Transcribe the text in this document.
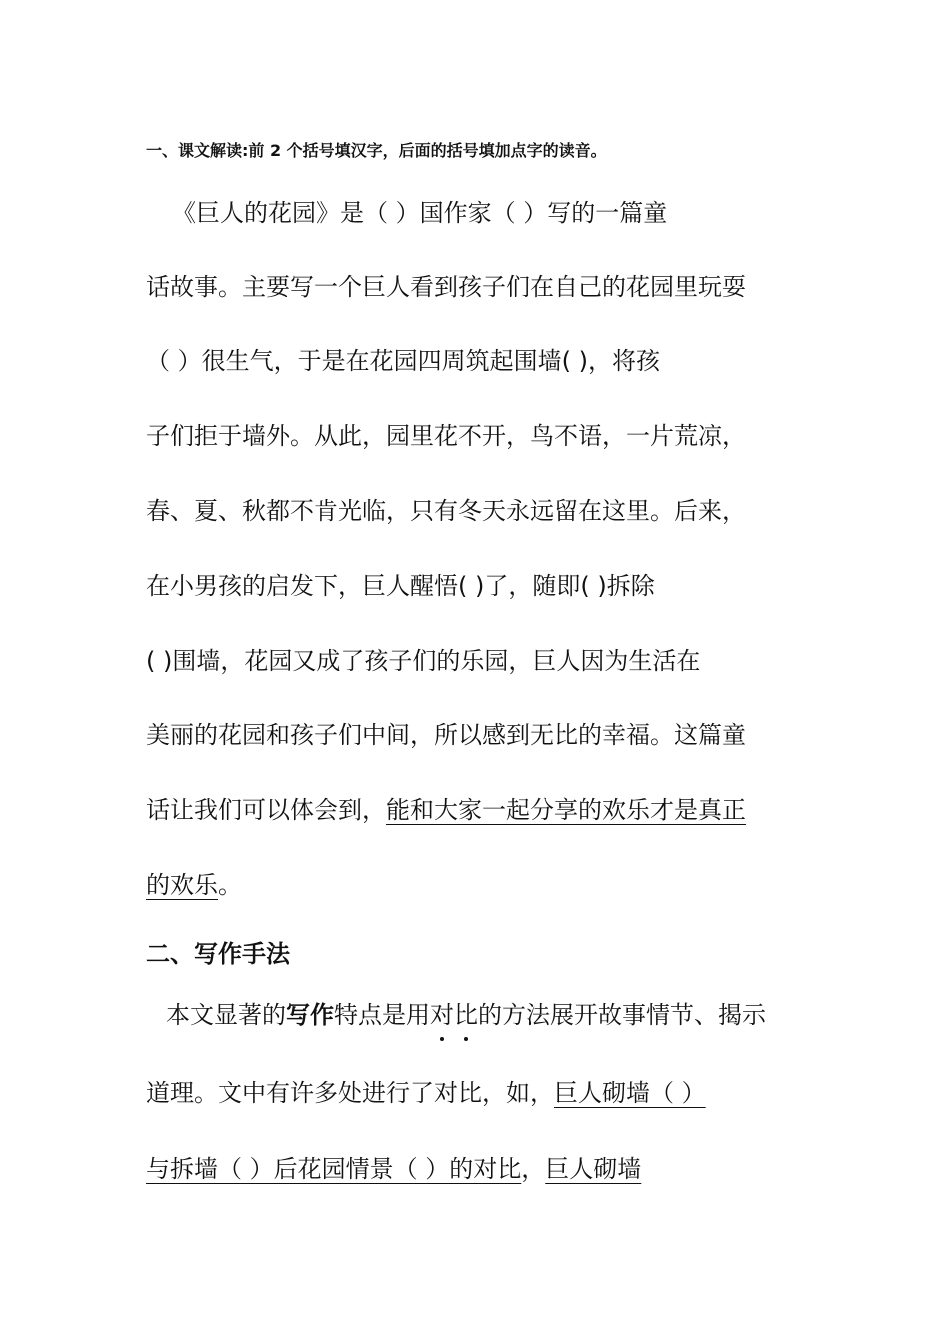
一、课文解读:前 2 个括号填汉字，后面的括号填加点字的读音。
《巨人的花园》是（ ）国作家（ ）写的一篇童
话故事。主要写一个巨人看到孩子们在自己的花园里玩耍
（ ）很生气，于是在花园四周筑起围墙( )，将孩
子们拒于墙外。从此，园里花不开，鸟不语，一片荒凉，
春、夏、秋都不肯光临，只有冬天永远留在这里。后来，
在小男孩的启发下，巨人醒悟( )了，随即( )拆除
( )围墙，花园又成了孩子们的乐园，巨人因为生活在
美丽的花园和孩子们中间，所以感到无比的幸福。这篇童
话让我们可以体会到，能和大家一起分享的欢乐才是真正
的欢乐。
二、写作手法
本文显著的写作特点是用对比的方法展开故事情节、揭示
道理。文中有许多处进行了对比，如，巨人砌墙（ ）
与拆墙（ ）后花园情景（ ）的对比，巨人砌墙
